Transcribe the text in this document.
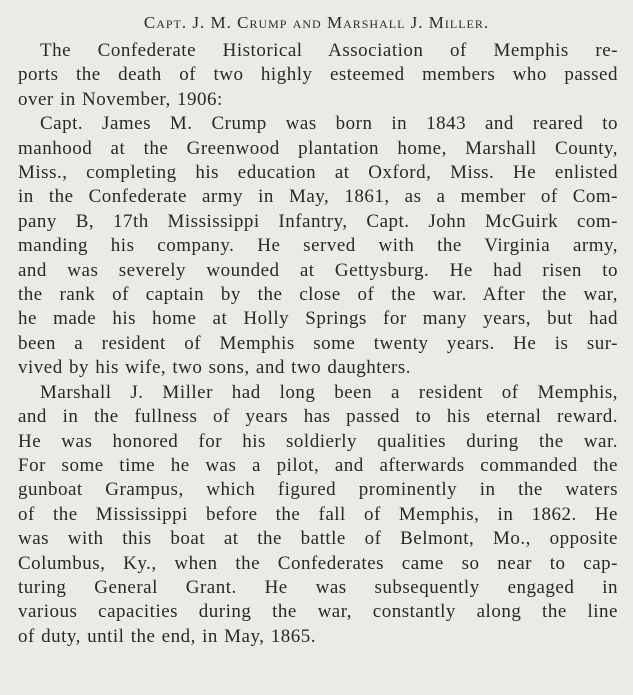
Capt. J. M. Crump and Marshall J. Miller.

The Confederate Historical Association of Memphis re-
ports the death of two highly esteemed members who passed
over in November, 1906:

Capt. James M. Crump was born in 1843 and reared to
manhood at the Greenwood plantation home, Marshall County,
Miss., completing his education at Oxford, Miss. He enlisted
in the Confederate army in May, 1861, as a member of Com-
pany B, 17th Mississippi Infantry, Capt. John McGuirk com-
manding his company. He served with the Virginia army,
and was severely wounded at Gettysburg. He had risen to
the rank of captain by the close of the war. After the war,
he made his home at Holly Springs for many years, but had
been a resident of Memphis some twenty years. He is sur-
vived by his wife, two sons, and two daughters.

Marshall J. Miller had long been a resident of Memphis,
and in the fullness of years has passed to his eternal reward.
He was honored for his soldierly qualities during the war.
For some time he was a pilot, and afterwards commanded the
gunboat Grampus, which figured prominently in the waters
of the Mississippi before the fall of Memphis, in 1862. He
was with this boat at the battle of Belmont, Mo., opposite
Columbus, Ky., when the Confederates came so near to cap-
turing General Grant. He was subsequently engaged in
various capacities during the war, constantly along the line
of duty, until the end, in May, 1865.
